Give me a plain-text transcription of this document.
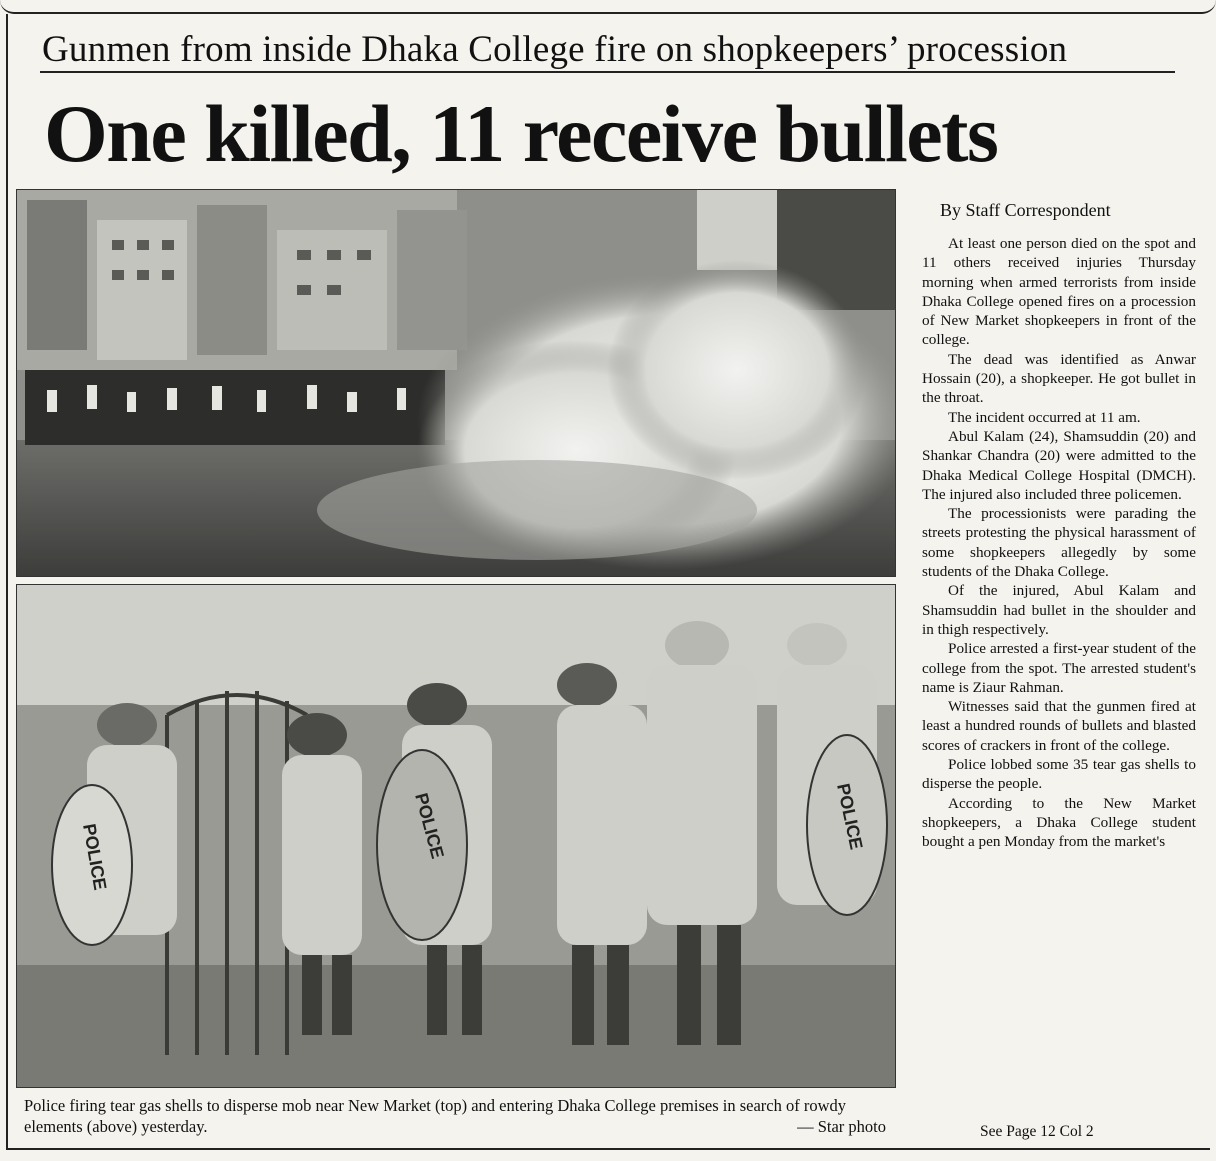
Gunmen from inside Dhaka College fire on shopkeepers’ procession
One killed, 11 receive bullets
POLICE	POLICE	POLICE
Police firing tear gas shells to disperse mob near New Market (top) and entering Dhaka College premises in search of rowdy elements (above) yesterday.	— Star photo
By Staff Correspondent

At least one person died on the spot and 11 others received injuries Thursday morning when armed terrorists from inside Dhaka College opened fires on a procession of New Market shopkeepers in front of the college.

The dead was identified as Anwar Hossain (20), a shopkeeper. He got bullet in the throat.

The incident occurred at 11 am.

Abul Kalam (24), Shamsuddin (20) and Shankar Chandra (20) were admitted to the Dhaka Medical College Hospital (DMCH). The injured also included three policemen.

The processionists were parading the streets protesting the physical harassment of some shopkeepers allegedly by some students of the Dhaka College.

Of the injured, Abul Kalam and Shamsuddin had bullet in the shoulder and in thigh respectively.

Police arrested a first-year student of the college from the spot. The arrested student's name is Ziaur Rahman.

Witnesses said that the gunmen fired at least a hundred rounds of bullets and blasted scores of crackers in front of the college.

Police lobbed some 35 tear gas shells to disperse the people.

According to the New Market shopkeepers, a Dhaka College student bought a pen Monday from the market's

See Page 12 Col 2
